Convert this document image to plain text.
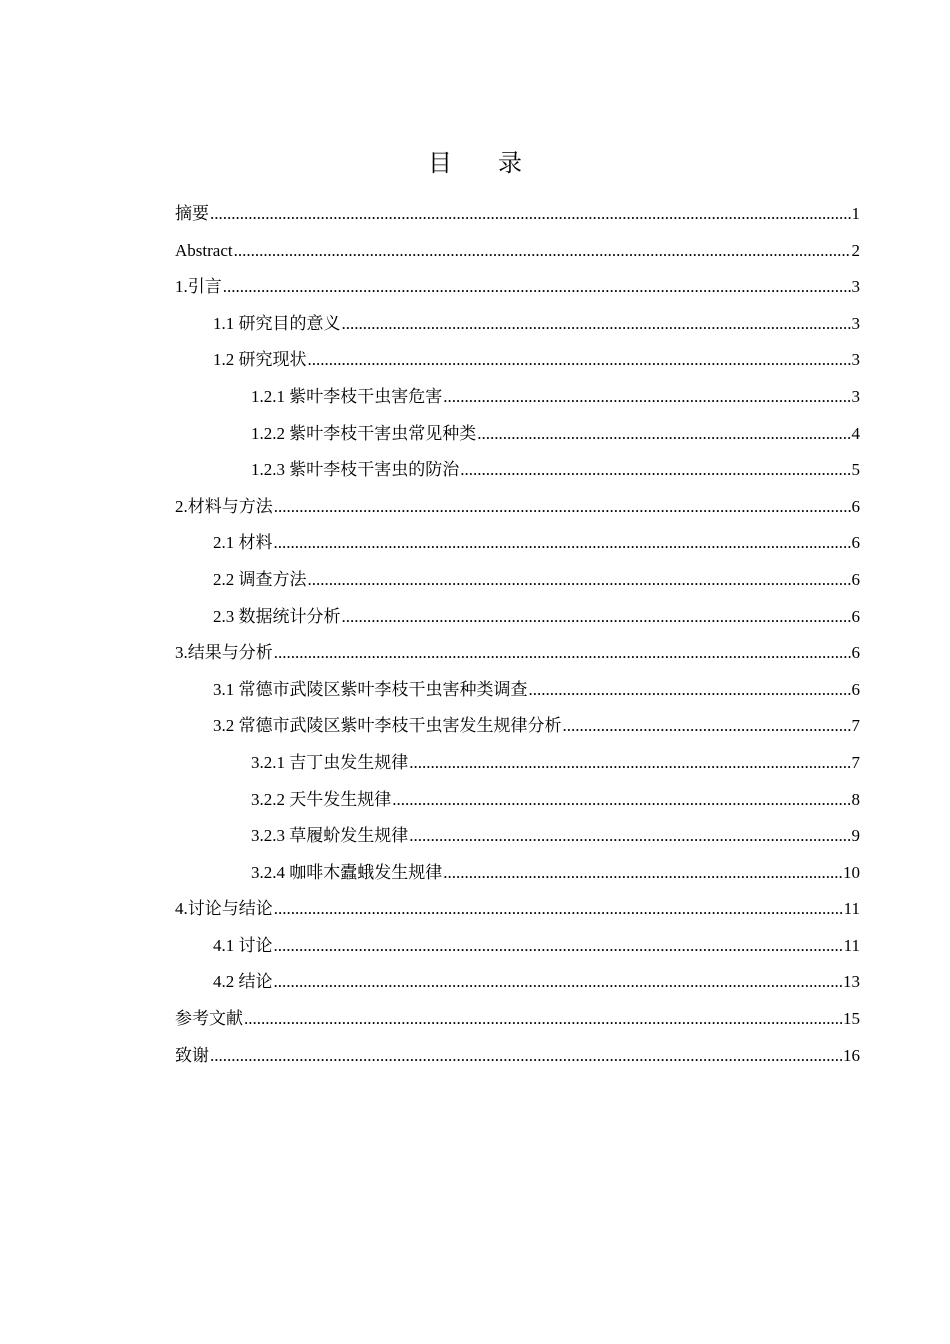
目录
摘要 .....	1
Abstract .....	2
1.引言 .....	3
1.1 研究目的意义 .....	3
1.2 研究现状 .....	3
1.2.1 紫叶李枝干虫害危害 .....	3
1.2.2 紫叶李枝干害虫常见种类 .....	4
1.2.3 紫叶李枝干害虫的防治 .....	5
2.材料与方法 .....	6
2.1 材料 .....	6
2.2 调查方法 .....	6
2.3 数据统计分析 .....	6
3.结果与分析 .....	6
3.1 常德市武陵区紫叶李枝干虫害种类调查 .....	6
3.2 常德市武陵区紫叶李枝干虫害发生规律分析 .....	7
3.2.1 吉丁虫发生规律 .....	7
3.2.2 天牛发生规律 .....	8
3.2.3 草履蚧发生规律 .....	9
3.2.4 咖啡木蠹蛾发生规律 .....	10
4.讨论与结论 .....	11
4.1 讨论 .....	11
4.2 结论 .....	13
参考文献 .....	15
致谢 .....	16
